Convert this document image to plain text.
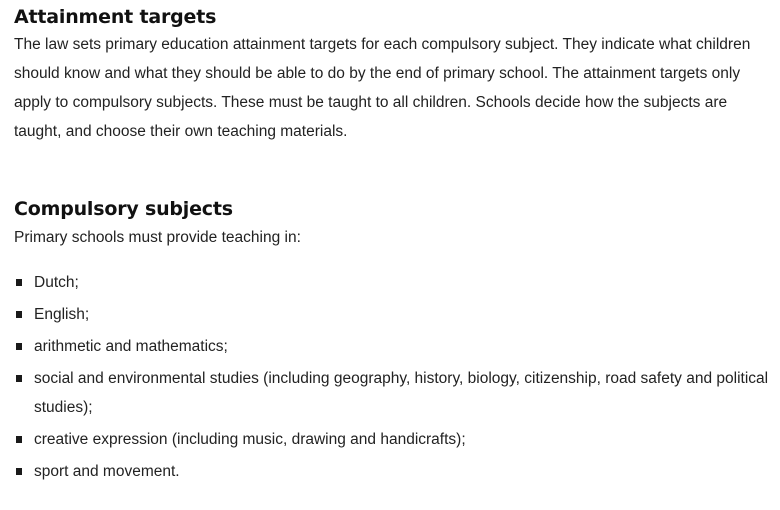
Attainment targets

The law sets primary education attainment targets for each compulsory subject. They indicate what children should know and what they should be able to do by the end of primary school. The attainment targets only apply to compulsory subjects. These must be taught to all children. Schools decide how the subjects are taught, and choose their own teaching materials.

Compulsory subjects

Primary schools must provide teaching in:

Dutch;
English;
arithmetic and mathematics;
social and environmental studies (including geography, history, biology, citizenship, road safety and political studies);
creative expression (including music, drawing and handicrafts);
sport and movement.
